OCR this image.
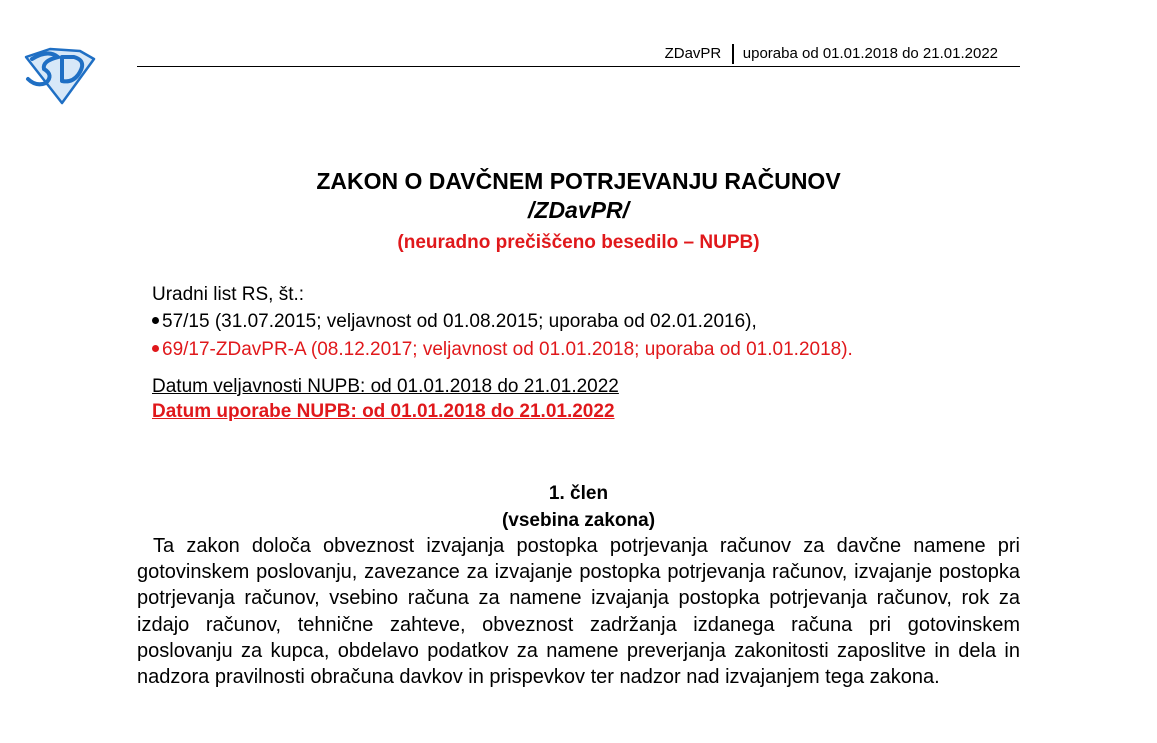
ZDavPR uporaba od 01.01.2018 do 21.01.2022
ZAKON O DAVČNEM POTRJEVANJU RAČUNOV
/ZDavPR/
(neuradno prečiščeno besedilo – NUPB)
Uradni list RS, št.:
57/15 (31.07.2015; veljavnost od 01.08.2015; uporaba od 02.01.2016),
69/17-ZDavPR-A (08.12.2017; veljavnost od 01.01.2018; uporaba od 01.01.2018).
Datum veljavnosti NUPB: od 01.01.2018 do 21.01.2022
Datum uporabe NUPB: od 01.01.2018 do 21.01.2022
1. člen
(vsebina zakona)
Ta zakon določa obveznost izvajanja postopka potrjevanja računov za davčne namene pri gotovinskem poslovanju, zavezance za izvajanje postopka potrjevanja računov, izvajanje postopka potrjevanja računov, vsebino računa za namene izvajanja postopka potrjevanja računov, rok za izdajo računov, tehnične zahteve, obveznost zadržanja izdanega računa pri gotovinskem poslovanju za kupca, obdelavo podatkov za namene preverjanja zakonitosti zaposlitve in dela in nadzora pravilnosti obračuna davkov in prispevkov ter nadzor nad izvajanjem tega zakona.
